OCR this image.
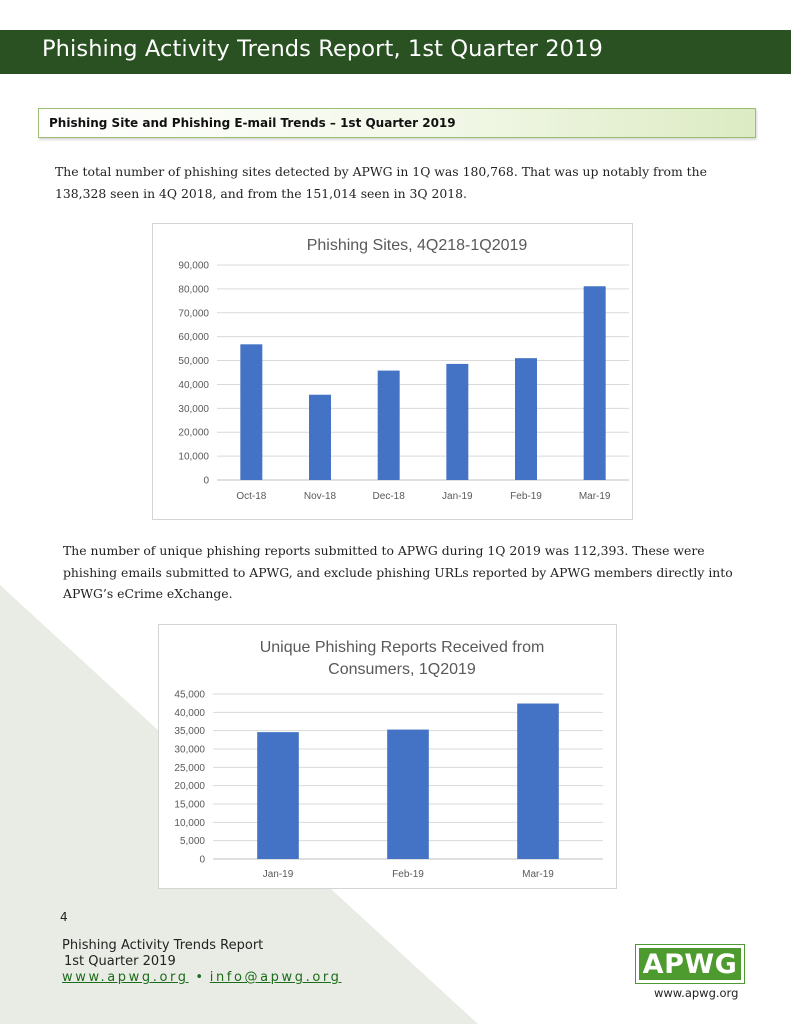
Phishing Activity Trends Report, 1st Quarter 2019
Phishing Site and Phishing E-mail Trends – 1st Quarter 2019

The total number of phishing sites detected by APWG in 1Q was 180,768. That was up notably from the 138,328 seen in 4Q 2018, and from the 151,014 seen in 3Q 2018.

Phishing Sites, 4Q218-1Q2019
0
10,000
20,000
30,000
40,000
50,000
60,000
70,000
80,000
90,000
Oct-18	Nov-18	Dec-18	Jan-19	Feb-19	Mar-19

The number of unique phishing reports submitted to APWG during 1Q 2019 was 112,393. These were phishing emails submitted to APWG, and exclude phishing URLs reported by APWG members directly into APWG’s eCrime eXchange.

Unique Phishing Reports Received from
Consumers, 1Q2019
0
5,000
10,000
15,000
20,000
25,000
30,000
35,000
40,000
45,000
Jan-19	Feb-19	Mar-19
4
Phishing Activity Trends Report
1st Quarter 2019
www.apwg.org • info@apwg.org	APWG
www.apwg.org
